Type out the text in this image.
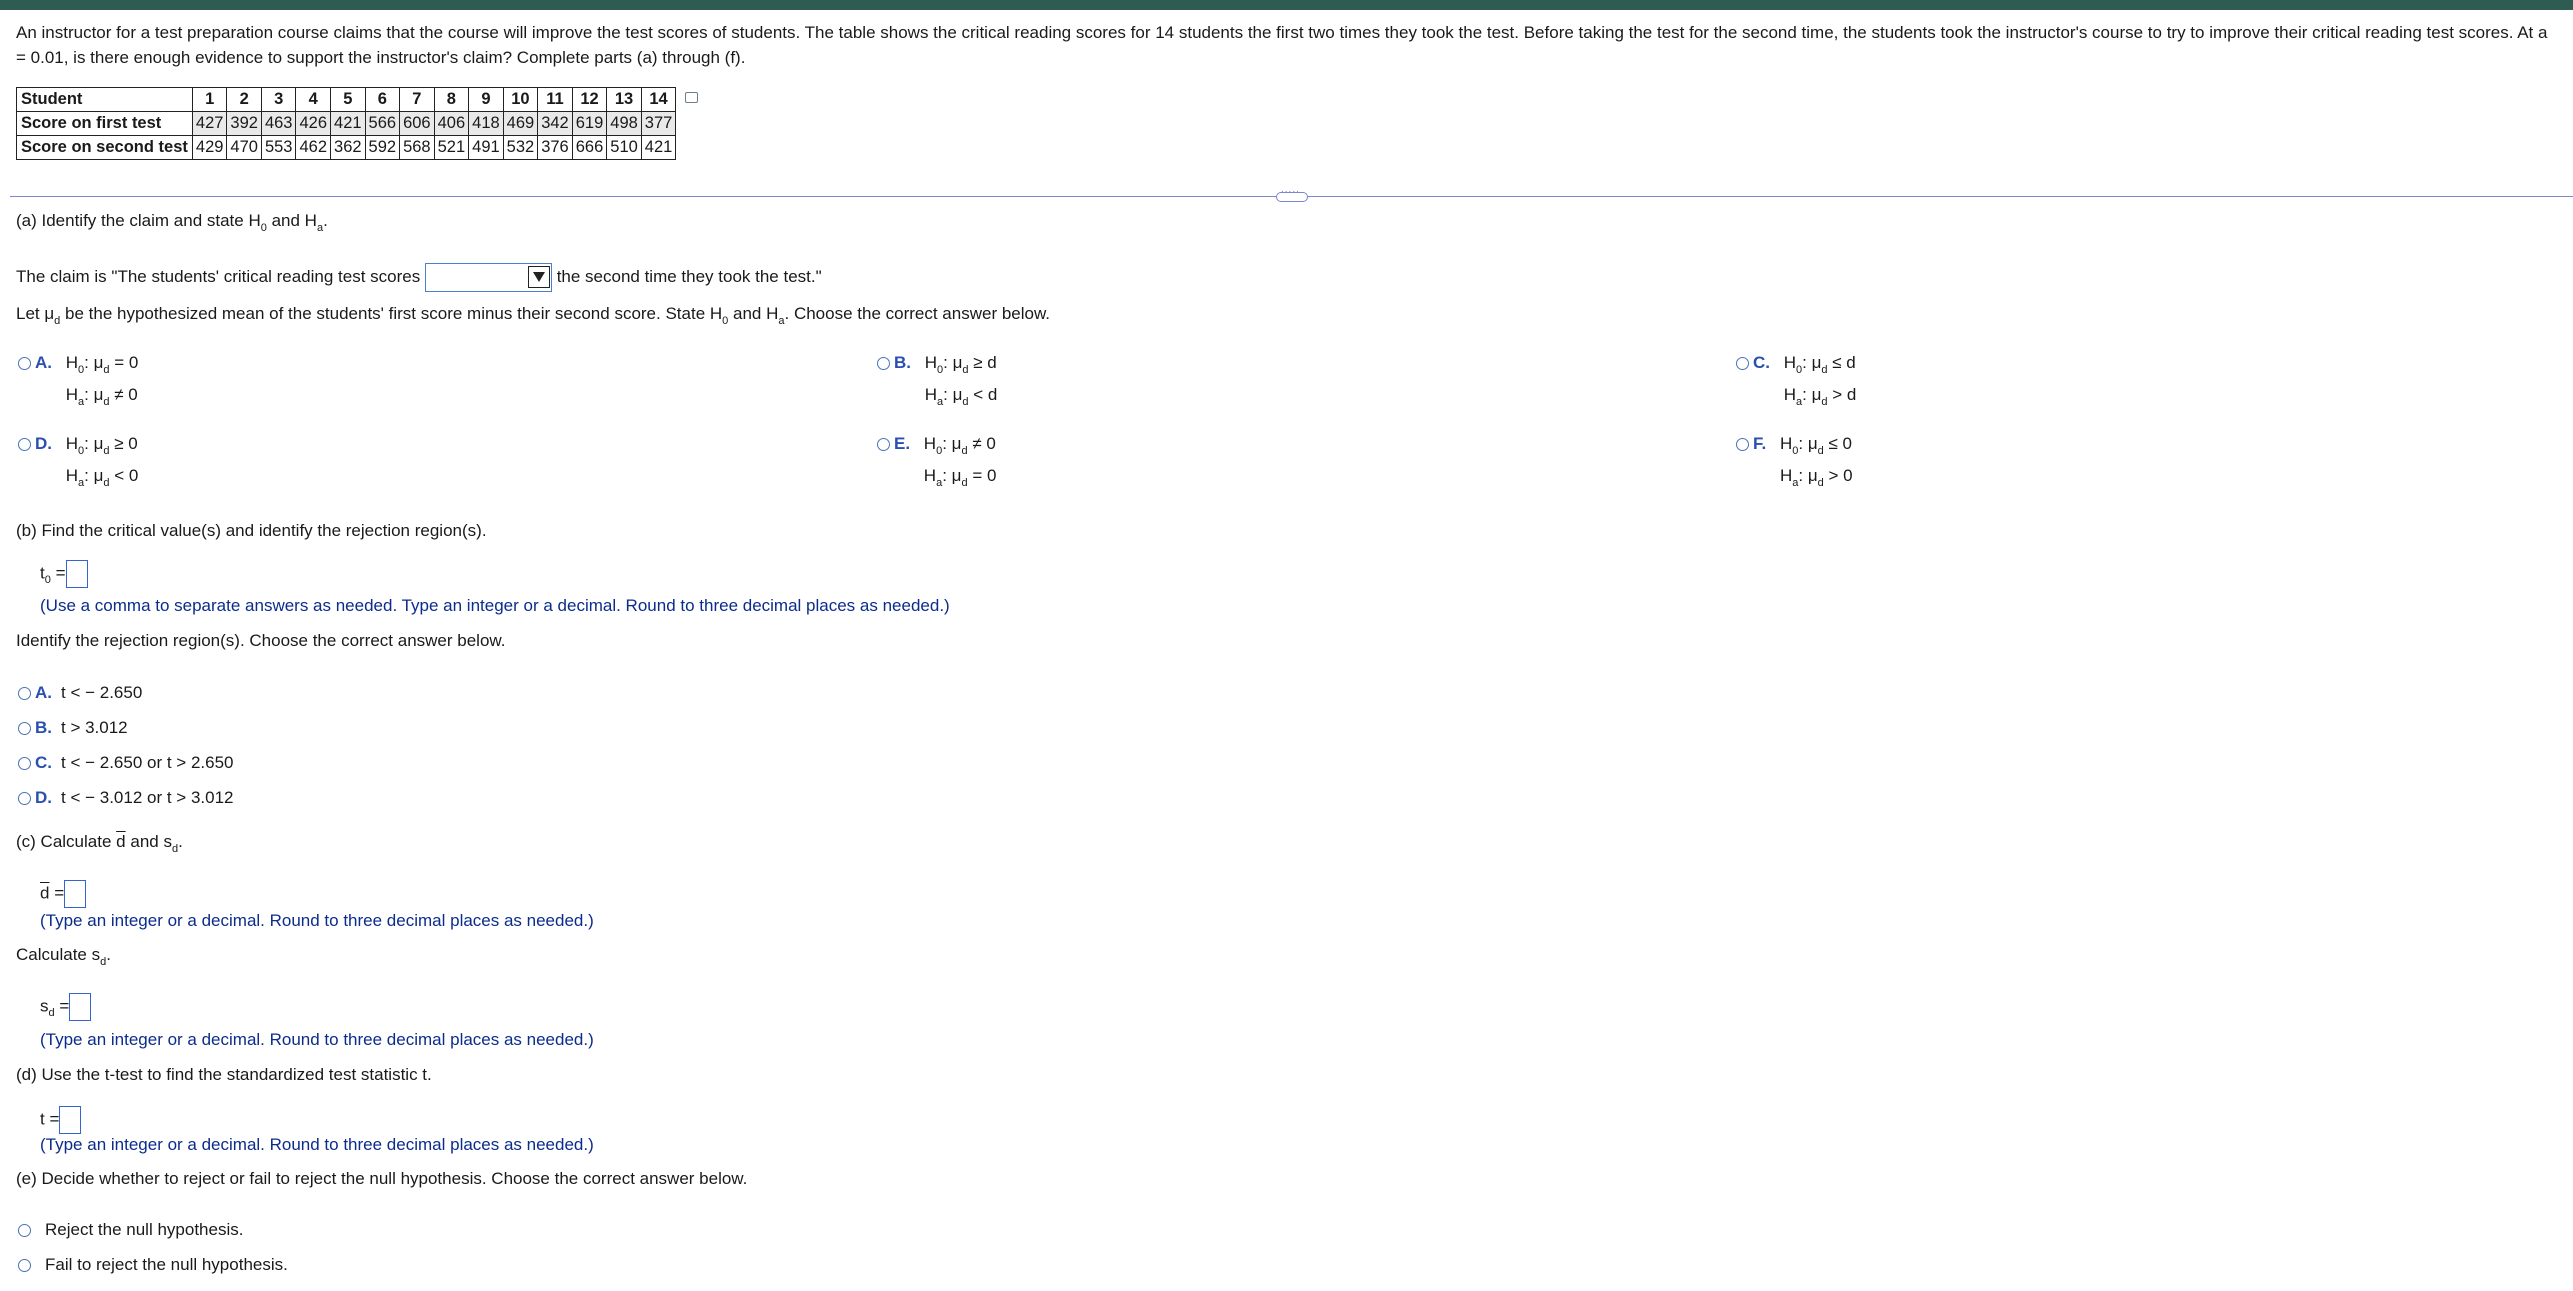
An instructor for a test preparation course claims that the course will improve the test scores of students. The table shows the critical reading scores for 14 students the first two times they took the test. Before taking the test for the second time, the students took the instructor's course to try to improve their critical reading test scores. At a = 0.01, is there enough evidence to support the instructor's claim? Complete parts (a) through (f).
Student	1	2	3	4	5	6	7	8	9	10	11	12	13	14
Score on first test	427	392	463	426	421	566	606	406	418	469	342	619	498	377
Score on second test	429	470	553	462	362	592	568	521	491	532	376	666	510	421
.....
(a) Identify the claim and state $H_0$ and $H_a$.
The claim is "The students' critical reading test scores	the second time they took the test."
Let $\mu_d$ be the hypothesized mean of the students' first score minus their second score. State $H_0$ and $H_a$. Choose the correct answer below.
A. $H_0$: $\mu_d = 0$
$H_a$: $\mu_d \ne 0$
B. $H_0$: $\mu_d \ge d$
$H_a$: $\mu_d < d$
C. $H_0$: $\mu_d \le d$
$H_a$: $\mu_d > d$
D. $H_0$: $\mu_d \ge 0$
$H_a$: $\mu_d < 0$
E. $H_0$: $\mu_d \ne 0$
$H_a$: $\mu_d = 0$
F. $H_0$: $\mu_d \le 0$
$H_a$: $\mu_d > 0$
(b) Find the critical value(s) and identify the rejection region(s).
$t_0$ =
(Use a comma to separate answers as needed. Type an integer or a decimal. Round to three decimal places as needed.)
Identify the rejection region(s). Choose the correct answer below.
A. t < − 2.650
B. t > 3.012
C. t < − 2.650 or t > 2.650
D. t < − 3.012 or t > 3.012
(c) Calculate $\overline{d}$ and $s_d$.
$\overline{d}$ =
(Type an integer or a decimal. Round to three decimal places as needed.)
Calculate $s_d$.
$s_d$ =
(Type an integer or a decimal. Round to three decimal places as needed.)
(d) Use the t-test to find the standardized test statistic t.
t =
(Type an integer or a decimal. Round to three decimal places as needed.)
(e) Decide whether to reject or fail to reject the null hypothesis. Choose the correct answer below.
Reject the null hypothesis.
Fail to reject the null hypothesis.
